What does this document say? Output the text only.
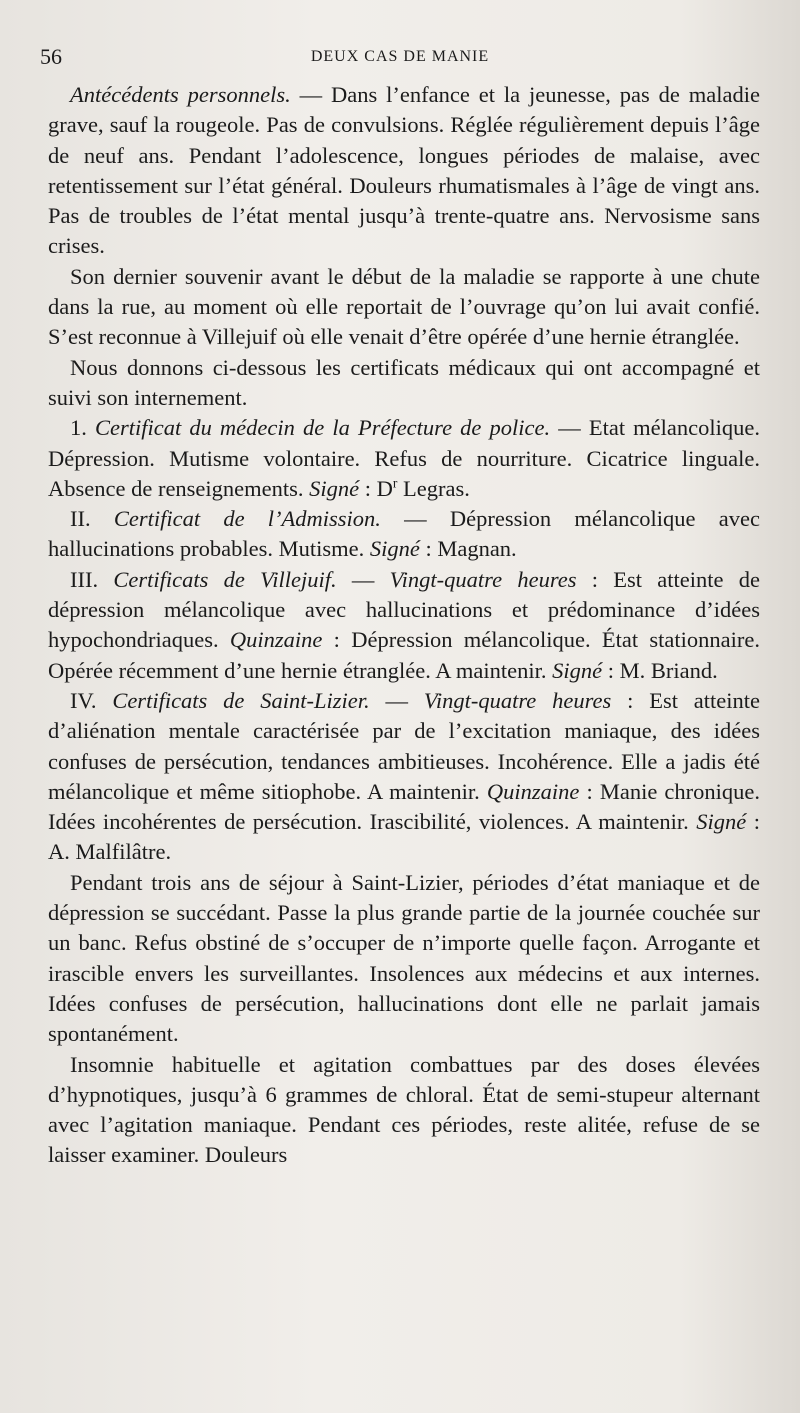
56	DEUX CAS DE MANIE

Antécédents personnels. — Dans l’enfance et la jeunesse, pas de maladie grave, sauf la rougeole. Pas de convulsions. Réglée régulièrement depuis l’âge de neuf ans. Pendant l’adolescence, longues périodes de malaise, avec retentissement sur l’état général. Douleurs rhumatismales à l’âge de vingt ans. Pas de troubles de l’état mental jusqu’à trente-quatre ans. Nervosisme sans crises.

Son dernier souvenir avant le début de la maladie se rapporte à une chute dans la rue, au moment où elle reportait de l’ouvrage qu’on lui avait confié. S’est reconnue à Villejuif où elle venait d’être opérée d’une hernie étranglée.

Nous donnons ci-dessous les certificats médicaux qui ont accompagné et suivi son internement.

1. Certificat du médecin de la Préfecture de police. — Etat mélancolique. Dépression. Mutisme volontaire. Refus de nourriture. Cicatrice linguale. Absence de renseignements. Signé : $D^r$ Legras.

II. Certificat de l’Admission. — Dépression mélancolique avec hallucinations probables. Mutisme. Signé : Magnan.

III. Certificats de Villejuif. — Vingt-quatre heures : Est atteinte de dépression mélancolique avec hallucinations et prédominance d’idées hypochondriaques. Quinzaine : Dépression mélancolique. État stationnaire. Opérée récemment d’une hernie étranglée. A maintenir. Signé : M. Briand.

IV. Certificats de Saint-Lizier. — Vingt-quatre heures : Est atteinte d’aliénation mentale caractérisée par de l’excitation maniaque, des idées confuses de persécution, tendances ambitieuses. Incohérence. Elle a jadis été mélancolique et même sitiophobe. A maintenir. Quinzaine : Manie chronique. Idées incohérentes de persécution. Irascibilité, violences. A maintenir. Signé : A. Malfilâtre.

Pendant trois ans de séjour à Saint-Lizier, périodes d’état maniaque et de dépression se succédant. Passe la plus grande partie de la journée couchée sur un banc. Refus obstiné de s’occuper de n’importe quelle façon. Arrogante et irascible envers les surveillantes. Insolences aux médecins et aux internes. Idées confuses de persécution, hallucinations dont elle ne parlait jamais spontanément.

Insomnie habituelle et agitation combattues par des doses élevées d’hypnotiques, jusqu’à 6 grammes de chloral. État de semi-stupeur alternant avec l’agitation maniaque. Pendant ces périodes, reste alitée, refuse de se laisser examiner. Douleurs
